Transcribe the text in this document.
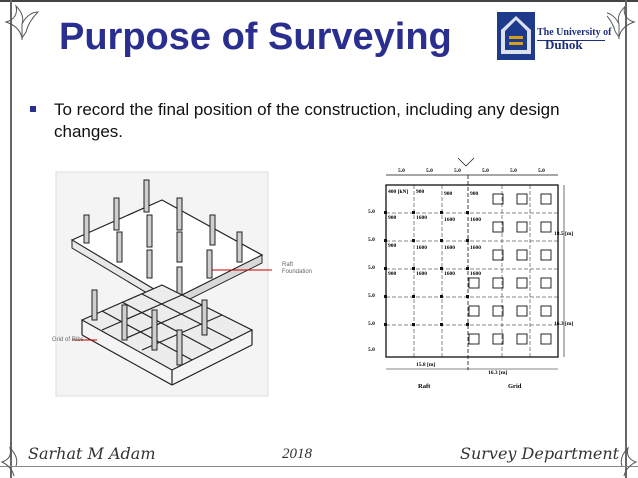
Purpose of Surveying	The University of
Duhok
To record the final position of the construction, including any design changes.
Raft
Foundation
Grid of Ribs
5.0	5.0	5.0	5.0	5.0	5.0
5.0
5.0
5.0
5.0
5.0
5.0
400 [kN] 900	900	900
900	1600	1600	1600
900	1600	1600	1600
900	1600	1600	1600
18.5 [m]
16.3 [m]
15.8 [m]
16.3 [m]
Raft	Grid
Sarhat M Adam	2018	Survey Department
